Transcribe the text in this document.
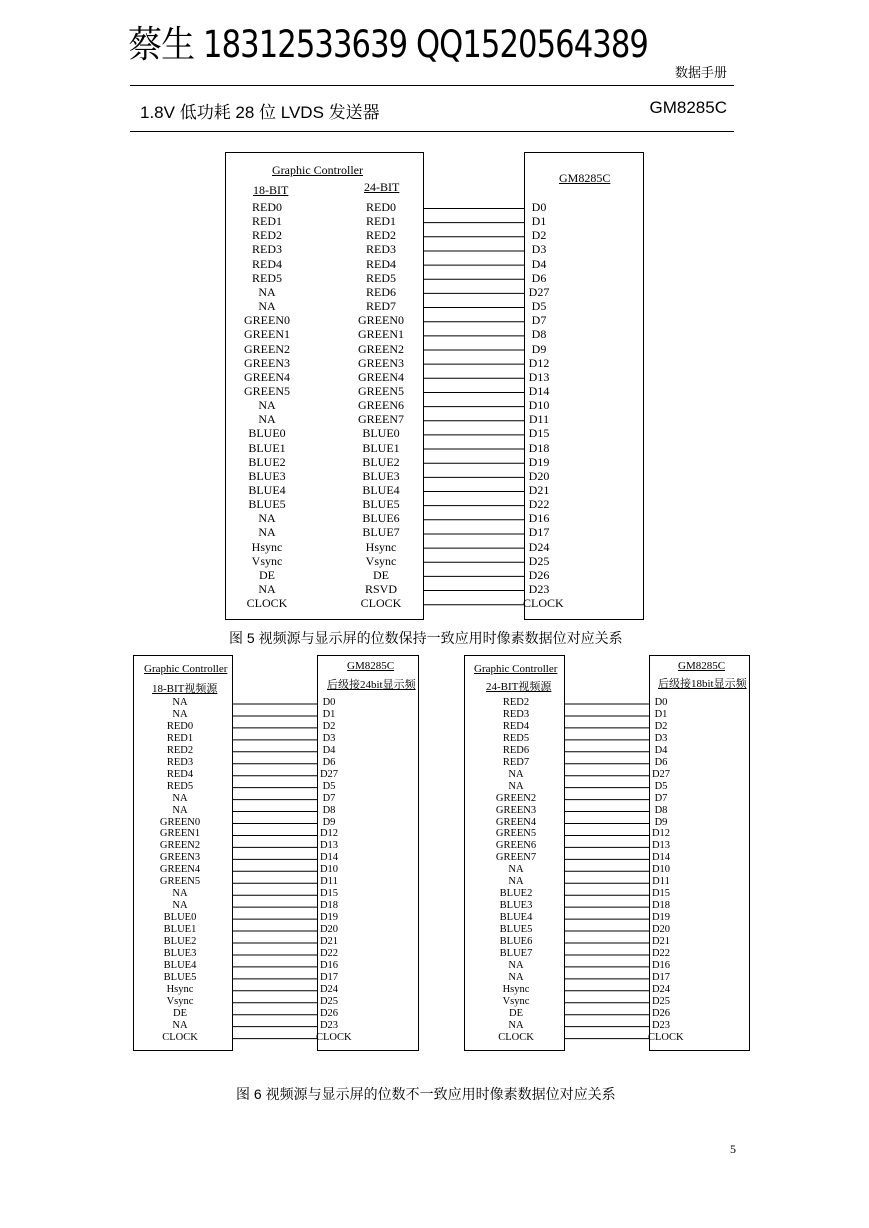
蔡生 18312533639 QQ1520564389
数据手册
1.8V 低功耗 28 位 LVDS 发送器	GM8285C
Graphic Controller
18-BIT	24-BIT
GM8285C
RED0
RED1
RED2
RED3
RED4
RED5
NA
NA
GREEN0
GREEN1
GREEN2
GREEN3
GREEN4
GREEN5
NA
NA
BLUE0
BLUE1
BLUE2
BLUE3
BLUE4
BLUE5
NA
NA
Hsync
Vsync
DE
NA
CLOCK
RED0
RED1
RED2
RED3
RED4
RED5
RED6
RED7
GREEN0
GREEN1
GREEN2
GREEN3
GREEN4
GREEN5
GREEN6
GREEN7
BLUE0
BLUE1
BLUE2
BLUE3
BLUE4
BLUE5
BLUE6
BLUE7
Hsync
Vsync
DE
RSVD
CLOCK
D0
D1
D2
D3
D4
D6
D27
D5
D7
D8
D9
D12
D13
D14
D10
D11
D15
D18
D19
D20
D21
D22
D16
D17
D24
D25
D26
D23
CLOCK
图 5 视频源与显示屏的位数保持一致应用时像素数据位对应关系
Graphic Controller
18-BIT视频源
GM8285C
后级接24bit显示频
Graphic Controller
24-BIT视频源
GM8285C
后级接18bit显示频
NA
NA
RED0
RED1
RED2
RED3
RED4
RED5
NA
NA
GREEN0
GREEN1
GREEN2
GREEN3
GREEN4
GREEN5
NA
NA
BLUE0
BLUE1
BLUE2
BLUE3
BLUE4
BLUE5
Hsync
Vsync
DE
NA
CLOCK
D0
D1
D2
D3
D4
D6
D27
D5
D7
D8
D9
D12
D13
D14
D10
D11
D15
D18
D19
D20
D21
D22
D16
D17
D24
D25
D26
D23
CLOCK
RED2
RED3
RED4
RED5
RED6
RED7
NA
NA
GREEN2
GREEN3
GREEN4
GREEN5
GREEN6
GREEN7
NA
NA
BLUE2
BLUE3
BLUE4
BLUE5
BLUE6
BLUE7
NA
NA
Hsync
Vsync
DE
NA
CLOCK
D0
D1
D2
D3
D4
D6
D27
D5
D7
D8
D9
D12
D13
D14
D10
D11
D15
D18
D19
D20
D21
D22
D16
D17
D24
D25
D26
D23
CLOCK
图 6 视频源与显示屏的位数不一致应用时像素数据位对应关系
5
